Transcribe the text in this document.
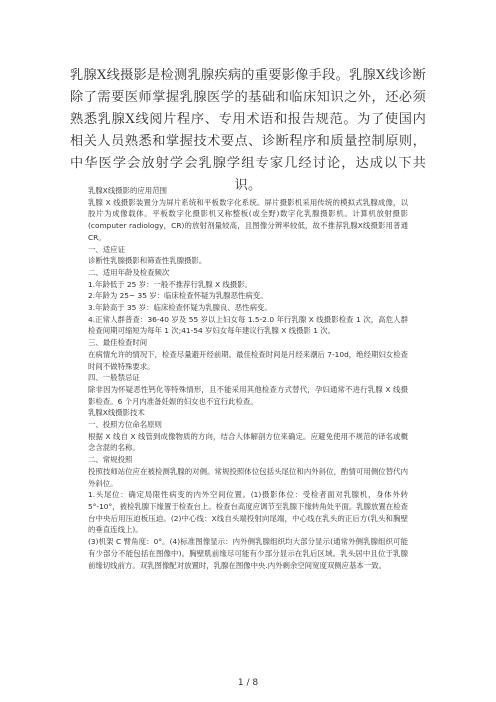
乳腺X线摄影是检测乳腺疾病的重要影像手段。乳腺X线诊断除了需要医师掌握乳腺医学的基础和临床知识之外，还必须熟悉乳腺X线阅片程序、专用术语和报告规范。为了使国内相关人员熟悉和掌握技术要点、诊断程序和质量控制原则，中华医学会放射学会乳腺学组专家几经讨论，达成以下共识。

乳腺X线摄影的应用范围

乳腺 X 线摄影装置分为屏片系统和平板数字化系统。屏片摄影机采用传统的模拟式乳腺成像，以胶片为成像载体。平板数字化摄影机又称整板(或全野)数字化乳腺摄影机。计算机放射摄影(computer radiology，CR)的放射剂量较高，且图像分辨率较低，故不推荐乳腺X线摄影用普通 CR。

一、适应证

诊断性乳腺摄影和筛查性乳腺摄影。

二、适用年龄及检查频次

1.年龄低于 25 岁：一般不推荐行乳腺 X 线摄影。

2.年龄为 25~ 35 岁：临床检查怀疑为乳腺恶性病变。

3.年龄高于 35 岁：临床检查怀疑为乳腺良、恶性病变。

4.正常人群普查：36-40 岁及 55 岁以上妇女每 1.5-2.0 年行乳腺 X 线摄影检查 1 次，高危人群检查间期可缩短为每年 1 次;41-54 岁妇女每年建议行乳腺 X 线摄影 1 次。

三、最佳检查时间

在病情允许的情况下，检查尽量避开经前期。最佳检查时间是月经来潮后 7-10d，绝经期妇女检查时间不做特殊要求。

四、一般禁忌证

除非因为怀疑恶性钙化等特殊情形，且不能采用其他检查方式替代，孕妇通常不进行乳腺 X 线摄影检查。6 个月内准备妊娠的妇女也不宜行此检查。

乳腺X线摄影技术

一、投照方位命名原则

根据 X 线自 X 线管到成像物质的方向，结合人体解剖方位来确定。应避免使用不规范的译名或概念含混的名称。

二、常规投照

投照技师站位应在被检测乳腺的对侧。常规投照体位包括头尾位和内外斜位，酌情可用侧位替代内外斜位。

1.头尾位：确定局限性病变的内外空间位置。(1)摄影体位：受检者面对乳腺机，身体外转 5°-10°，被检乳腺下缘置于检查台上。检查台高度应调节至乳腺下缘转角处平面。乳腺放置在检查台中央后用压迫板压迫。(2)中心线：X线自头端投射向尾端，中心线在乳头的正后方(乳头和胸壁的垂直连线上)。

(3)机架 C 臂角度：0°。(4)标准图像显示：内外侧乳腺组织均大部分显示(通常外侧乳腺组织可能有少部分不能包括在图像中)。胸壁肌前缘尽可能有少部分显示在乳后区域。乳头居中且位于乳腺前缘切线前方。双乳图像配对放置时，乳腺在图像中央.内外剩余空间宽度双侧应基本一致。

1 / 8
